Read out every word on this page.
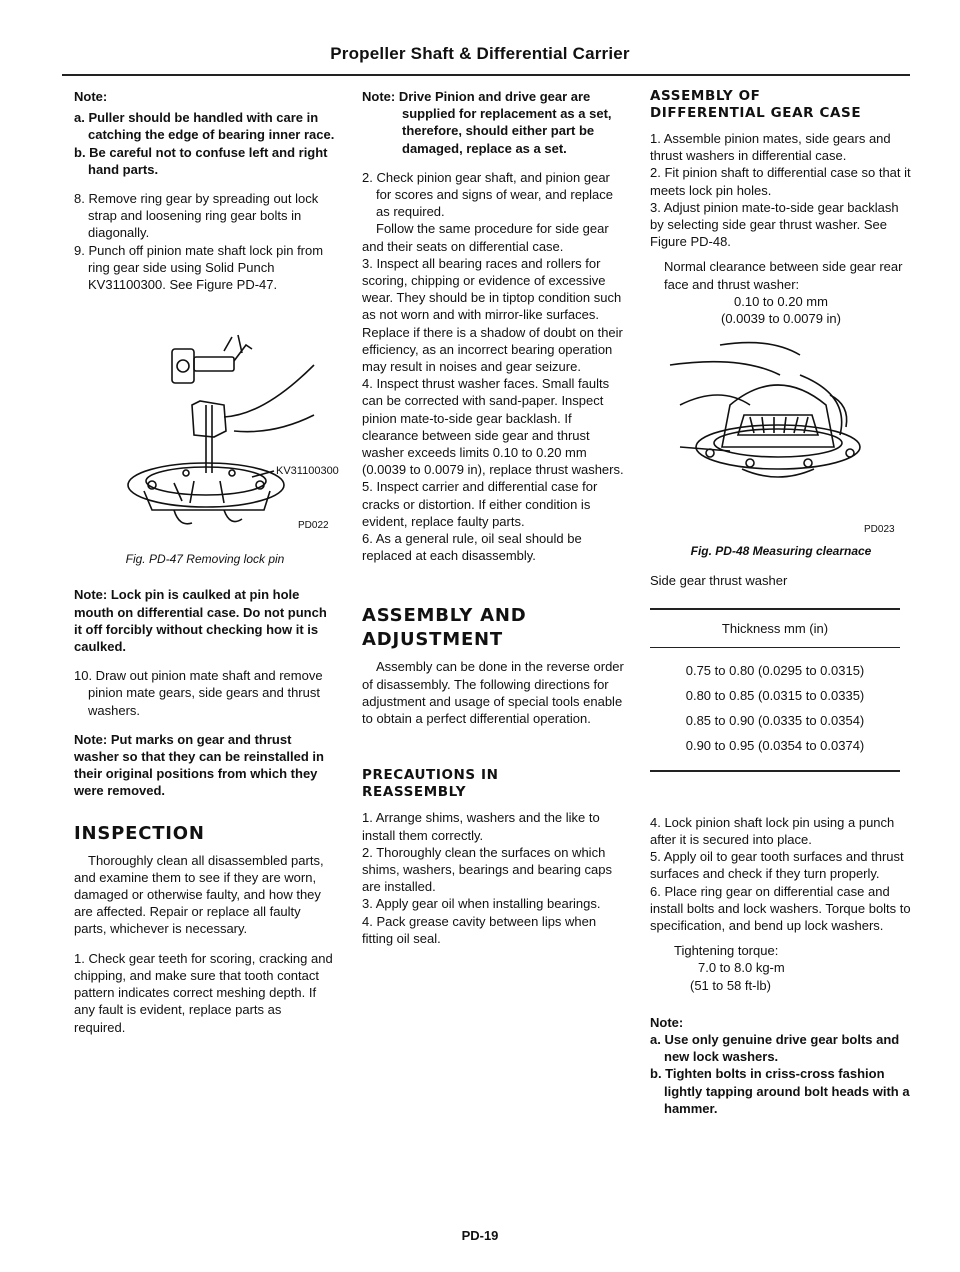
Propeller Shaft & Differential Carrier

Note:

a. Puller should be handled with care in catching the edge of bearing inner race.

b. Be careful not to confuse left and right hand parts.

8. Remove ring gear by spreading out lock strap and loosening ring gear bolts in diagonally.

9. Punch off pinion mate shaft lock pin from ring gear side using Solid Punch KV31100300. See Figure PD-47.

KV31100300
PD022

Fig. PD-47 Removing lock pin

Note: Lock pin is caulked at pin hole mouth on differential case. Do not punch it off forcibly without checking how it is caulked.

10. Draw out pinion mate shaft and remove pinion mate gears, side gears and thrust washers.

Note: Put marks on gear and thrust washer so that they can be reinstalled in their original positions from which they were removed.

INSPECTION

Thoroughly clean all disassembled parts, and examine them to see if they are worn, damaged or otherwise faulty, and how they are affected. Repair or replace all faulty parts, whichever is necessary.

1. Check gear teeth for scoring, cracking and chipping, and make sure that tooth contact pattern indicates correct meshing depth. If any fault is evident, replace parts as required.

Note: Drive Pinion and drive gear are supplied for replacement as a set, therefore, should either part be damaged, replace as a set.

2. Check pinion gear shaft, and pinion gear for scores and signs of wear, and replace as required.

Follow the same procedure for side gear and their seats on differential case.

3. Inspect all bearing races and rollers for scoring, chipping or evidence of excessive wear. They should be in tiptop condition such as not worn and with mirror-like surfaces. Replace if there is a shadow of doubt on their efficiency, as an incorrect bearing operation may result in noises and gear seizure.

4. Inspect thrust washer faces. Small faults can be corrected with sand-paper. Inspect pinion mate-to-side gear backlash. If clearance between side gear and thrust washer exceeds limits 0.10 to 0.20 mm (0.0039 to 0.0079 in), replace thrust washers.

5. Inspect carrier and differential case for cracks or distortion. If either condition is evident, replace faulty parts.

6. As a general rule, oil seal should be replaced at each disassembly.

ASSEMBLY AND
ADJUSTMENT

Assembly can be done in the reverse order of disassembly. The following directions for adjustment and usage of special tools enable to obtain a perfect differential operation.

PRECAUTIONS IN
REASSEMBLY

1. Arrange shims, washers and the like to install them correctly.

2. Thoroughly clean the surfaces on which shims, washers, bearings and bearing caps are installed.

3. Apply gear oil when installing bearings.

4. Pack grease cavity between lips when fitting oil seal.

ASSEMBLY OF
DIFFERENTIAL GEAR CASE

1. Assemble pinion mates, side gears and thrust washers in differential case.

2. Fit pinion shaft to differential case so that it meets lock pin holes.

3. Adjust pinion mate-to-side gear backlash by selecting side gear thrust washer. See Figure PD-48.

Normal clearance between side gear rear face and thrust washer:

0.10 to 0.20 mm

(0.0039 to 0.0079 in)

PD023

Fig. PD-48 Measuring clearnace

Side gear thrust washer

Thickness mm (in)
0.75 to 0.80 (0.0295 to 0.0315)
0.80 to 0.85 (0.0315 to 0.0335)
0.85 to 0.90 (0.0335 to 0.0354)
0.90 to 0.95 (0.0354 to 0.0374)

4. Lock pinion shaft lock pin using a punch after it is secured into place.

5. Apply oil to gear tooth surfaces and thrust surfaces and check if they turn properly.

6. Place ring gear on differential case and install bolts and lock washers. Torque bolts to specification, and bend up lock washers.

Tightening torque:

7.0 to 8.0 kg-m

(51 to 58 ft-lb)

Note:

a. Use only genuine drive gear bolts and new lock washers.

b. Tighten bolts in criss-cross fashion lightly tapping around bolt heads with a hammer.

PD-19
